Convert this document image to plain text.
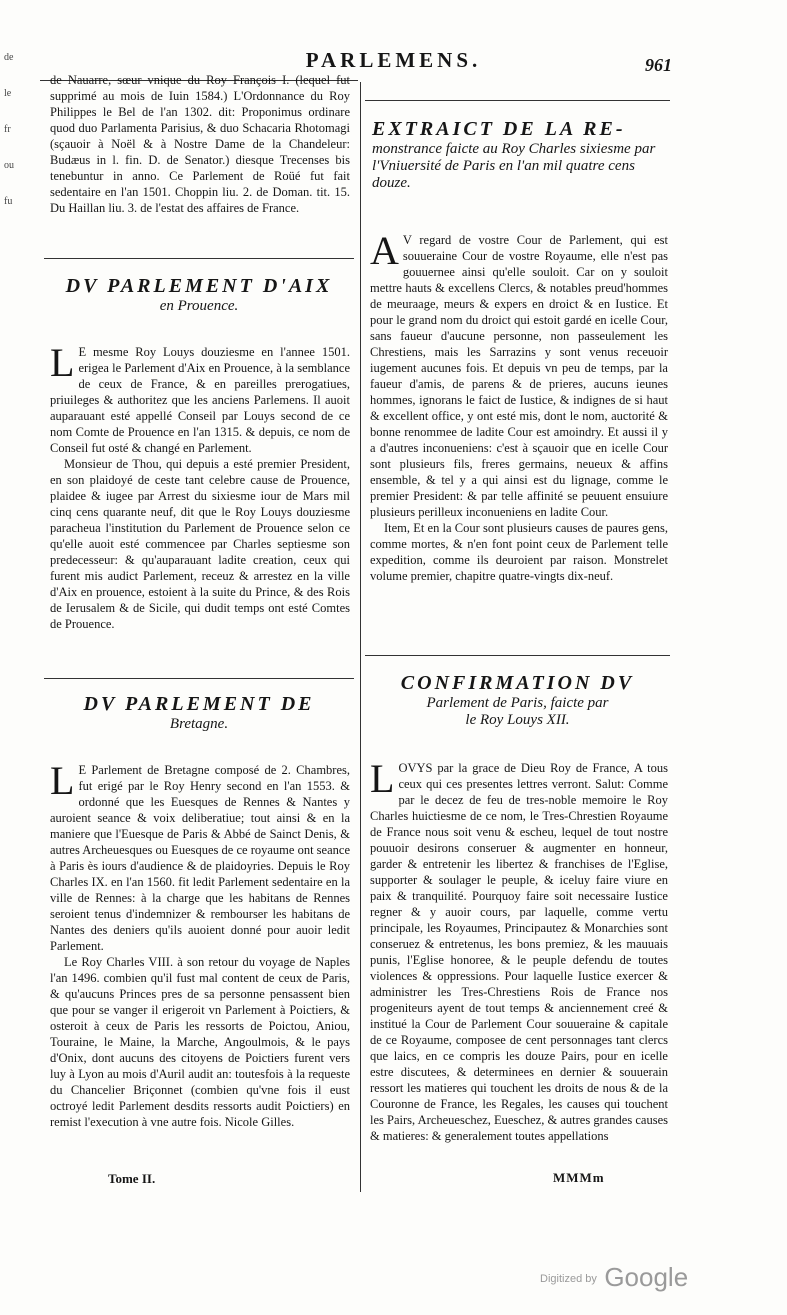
de
le
fr
ou
fu
PARLEMENS.	961

de Nauarre, sœur vnique du Roy François I. (lequel fut supprimé au mois de Iuin 1584.) L'Ordonnance du Roy Philippes le Bel de l'an 1302. dit: Proponimus ordinare quod duo Parlamenta Parisius, & duo Schacaria Rhotomagi (sçauoir à Noël & à Nostre Dame de la Chandeleur: Budæus in l. fin. D. de Senator.) diesque Trecenses bis tenebuntur in anno. Ce Parlement de Roüé fut fait sedentaire en l'an 1501. Choppin liu. 2. de Doman. tit. 15. Du Haillan liu. 3. de l'estat des affaires de France.

DV PARLEMENT D'AIX
en Prouence.

L E mesme Roy Louys douziesme en l'annee 1501. erigea le Parlement d'Aix en Prouence, à la semblance de ceux de France, & en pareilles prerogatiues, priuileges & authoritez que les anciens Parlemens. Il auoit auparauant esté appellé Conseil par Louys second de ce nom Comte de Prouence en l'an 1315. & depuis, ce nom de Conseil fut osté & changé en Parlement.

Monsieur de Thou, qui depuis a esté premier President, en son plaidoyé de ceste tant celebre cause de Prouence, plaidee & iugee par Arrest du sixiesme iour de Mars mil cinq cens quarante neuf, dit que le Roy Louys douziesme paracheua l'institution du Parlement de Prouence selon ce qu'elle auoit esté commencee par Charles septiesme son predecesseur: & qu'auparauant ladite creation, ceux qui furent mis audict Parlement, receuz & arrestez en la ville d'Aix en prouence, estoient à la suite du Prince, & des Rois de Ierusalem & de Sicile, qui dudit temps ont esté Comtes de Prouence.

DV PARLEMENT DE
Bretagne.

L E Parlement de Bretagne composé de 2. Chambres, fut erigé par le Roy Henry second en l'an 1553. & ordonné que les Euesques de Rennes & Nantes y auroient seance & voix deliberatiue; tout ainsi & en la maniere que l'Euesque de Paris & Abbé de Sainct Denis, & autres Archeuesques ou Euesques de ce royaume ont seance à Paris ès iours d'audience & de plaidoyries. Depuis le Roy Charles IX. en l'an 1560. fit ledit Parlement sedentaire en la ville de Rennes: à la charge que les habitans de Rennes seroient tenus d'indemnizer & rembourser les habitans de Nantes des deniers qu'ils auoient donné pour auoir ledit Parlement.

Le Roy Charles VIII. à son retour du voyage de Naples l'an 1496. combien qu'il fust mal content de ceux de Paris, & qu'aucuns Princes pres de sa personne pensassent bien que pour se vanger il erigeroit vn Parlement à Poictiers, & osteroit à ceux de Paris les ressorts de Poictou, Aniou, Touraine, le Maine, la Marche, Angoulmois, & le pays d'Onix, dont aucuns des citoyens de Poictiers furent vers luy à Lyon au mois d'Auril audit an: toutesfois à la requeste du Chancelier Briçonnet (combien qu'vne fois il eust octroyé ledit Parlement desdits ressorts audit Poictiers) en remist l'execution à vne autre fois. Nicole Gilles.

Tome II.
EXTRAICT DE LA RE-
monstrance faicte au Roy Charles sixiesme par l'Vniuersité de Paris en l'an mil quatre cens douze.

A V regard de vostre Cour de Parlement, qui est souueraine Cour de vostre Royaume, elle n'est pas gouuernee ainsi qu'elle souloit. Car on y souloit mettre hauts & excellens Clercs, & notables preud'hommes de meuraage, meurs & expers en droict & en Iustice. Et pour le grand nom du droict qui estoit gardé en icelle Cour, sans faueur d'aucune personne, non passeulement les Chrestiens, mais les Sarrazins y sont venus receuoir iugement aucunes fois. Et depuis vn peu de temps, par la faueur d'amis, de parens & de prieres, aucuns ieunes hommes, ignorans le faict de Iustice, & indignes de si haut & excellent office, y ont esté mis, dont le nom, auctorité & bonne renommee de ladite Cour est amoindry. Et aussi il y a d'autres inconueniens: c'est à sçauoir que en icelle Cour sont plusieurs fils, freres germains, neueux & affins ensemble, & tel y a qui ainsi est du lignage, comme le premier President: & par telle affinité se peuuent ensuiure plusieurs perilleux inconueniens en ladite Cour.

Item, Et en la Cour sont plusieurs causes de paures gens, comme mortes, & n'en font point ceux de Parlement telle expedition, comme ils deuroient par raison. Monstrelet volume premier, chapitre quatre-vingts dix-neuf.

CONFIRMATION DV
Parlement de Paris, faicte par
le Roy Louys XII.

L OVYS par la grace de Dieu Roy de France, A tous ceux qui ces presentes lettres verront. Salut: Comme par le decez de feu de tres-noble memoire le Roy Charles huictiesme de ce nom, le Tres-Chrestien Royaume de France nous soit venu & escheu, lequel de tout nostre pouuoir desirons conseruer & augmenter en honneur, garder & entretenir les libertez & franchises de l'Eglise, supporter & soulager le peuple, & iceluy faire viure en paix & tranquilité. Pourquoy faire soit necessaire Iustice regner & y auoir cours, par laquelle, comme vertu principale, les Royaumes, Principautez & Monarchies sont conseruez & entretenus, les bons premiez, & les mauuais punis, l'Eglise honoree, & le peuple defendu de toutes violences & oppressions. Pour laquelle Iustice exercer & administrer les Tres-Chrestiens Rois de France nos progeniteurs ayent de tout temps & anciennement creé & institué la Cour de Parlement Cour souueraine & capitale de ce Royaume, composee de cent personnages tant clercs que laics, en ce compris les douze Pairs, pour en icelle estre discutees, & determinees en dernier & souuerain ressort les matieres qui touchent les droits de nous & de la Couronne de France, les Regales, les causes qui touchent les Pairs, Archeueschez, Eueschez, & autres grandes causes & matieres: & generalement toutes appellations

MMMm
$^{Digitized by}$ Google
